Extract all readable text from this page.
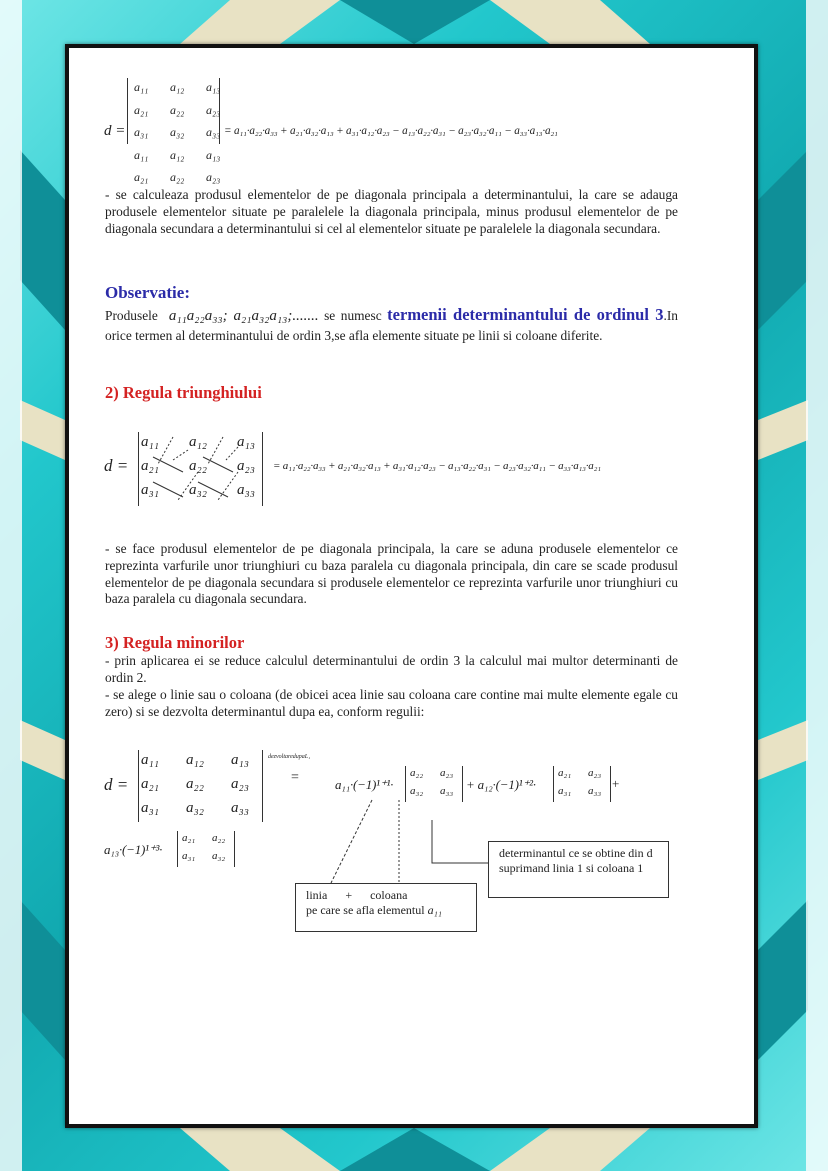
d =
a₁₁ a₁₂ a₁₃
a₂₁ a₂₂ a₂₃
a₃₁ a₃₂ a₃₃
a₁₁ a₁₂ a₁₃
a₂₁ a₂₂ a₂₃
= a₁₁·a₂₂·a₃₃ + a₂₁·a₃₂·a₁₃ + a₃₁·a₁₂·a₂₃ − a₁₃·a₂₂·a₃₁ − a₂₃·a₃₂·a₁₁ − a₃₃·a₁₃·a₂₁

- se calculeaza produsul elementelor de pe diagonala principala a determinantului, la care se adauga produsele elementelor situate pe paralelele la diagonala principala, minus produsul elementelor de pe diagonala secundara a determinantului si cel al elementelor situate pe paralelele la diagonala secundara.

Observatie:

Produsele a₁₁a₂₂a₃₃; a₂₁a₃₂a₁₃;....... se numesc termenii determinantului de ordinul 3.In orice termen al determinantului de ordin 3,se afla elemente situate pe linii si coloane diferite.

2) Regula triunghiului
d =
a₁₁ a₁₂ a₁₃
a₂₁ a₂₂ a₂₃
a₃₁ a₃₂ a₃₃
= a₁₁·a₂₂·a₃₃ + a₂₁·a₃₂·a₁₃ + a₃₁·a₁₂·a₂₃ − a₁₃·a₂₂·a₃₁ − a₂₃·a₃₂·a₁₁ − a₃₃·a₁₃·a₂₁

- se face produsul elementelor de pe diagonala principala, la care se aduna produsele elementelor ce reprezinta varfurile unor triunghiuri cu baza paralela cu diagonala principala, din care se scade produsul elementelor de pe diagonala secundara si produsele elementelor ce reprezinta varfurile unor triunghiuri cu baza paralela cu diagonala secundara.

3) Regula minorilor

- prin aplicarea ei se reduce calculul determinantului de ordin 3 la calculul mai multor determinanti de ordin 2.

- se alege o linie sau o coloana (de obicei acea linie sau coloana care contine mai multe elemente egale cu zero) si se dezvolta determinantul dupa ea, conform regulii:

d =
a₁₁ a₁₂ a₁₃
a₂₁ a₂₂ a₂₃
a₃₁ a₃₂ a₃₃
dezvoltaredupaL₁
=	a₁₁·(−1)¹⁺¹·
a₂₂ a₂₃
a₃₂ a₃₃ + a₁₂·(−1)¹⁺²·
a₂₁ a₂₃
a₃₁ a₃₃ +
a₁₃·(−1)¹⁺³·
a₂₁ a₂₂
a₃₁ a₃₂	determinantul ce se obtine din d suprimand linia 1 si coloana 1
linia      +      coloana
pe care se afla elementul a₁₁
